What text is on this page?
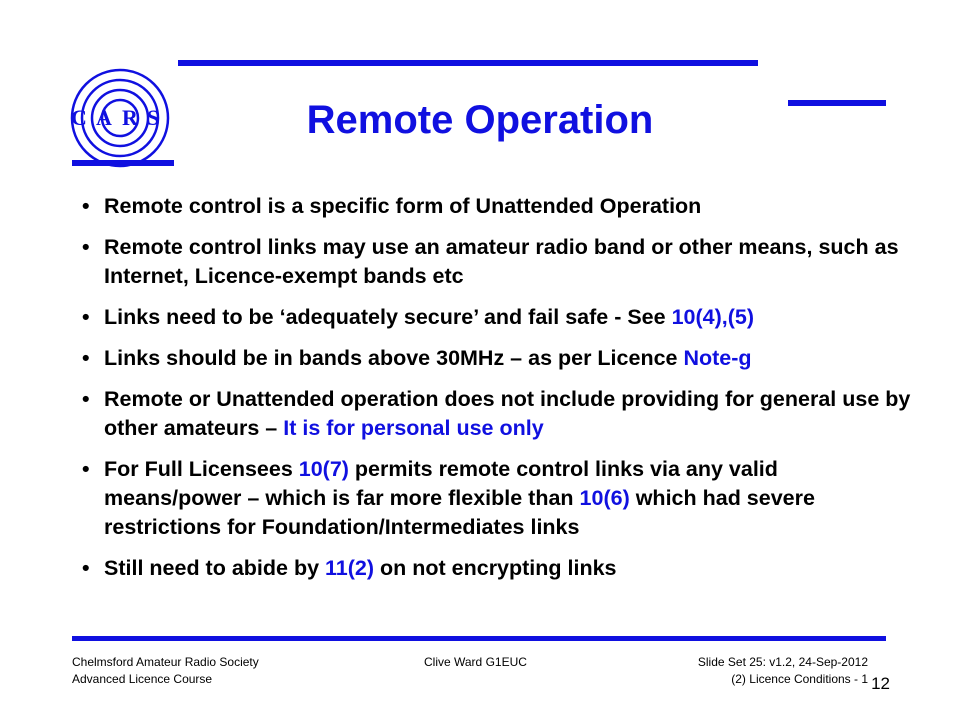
C A R S	Remote Operation
• Remote control is a specific form of Unattended Operation
• Remote control links may use an amateur radio band or other means, such as Internet, Licence-exempt bands etc
• Links need to be ‘adequately secure’ and fail safe - See 10(4),(5)
• Links should be in bands above 30MHz – as per Licence Note-g
• Remote or Unattended operation does not include providing for general use by other amateurs – It is for personal use only
• For Full Licensees 10(7) permits remote control links via any valid means/power – which is far more flexible than 10(6) which had severe restrictions for Foundation/Intermediates links
• Still need to abide by 11(2) on not encrypting links
Chelmsford Amateur Radio Society
Advanced Licence Course
Clive Ward G1EUC	Slide Set 25: v1.2, 24-Sep-2012
(2) Licence Conditions - 1 12
